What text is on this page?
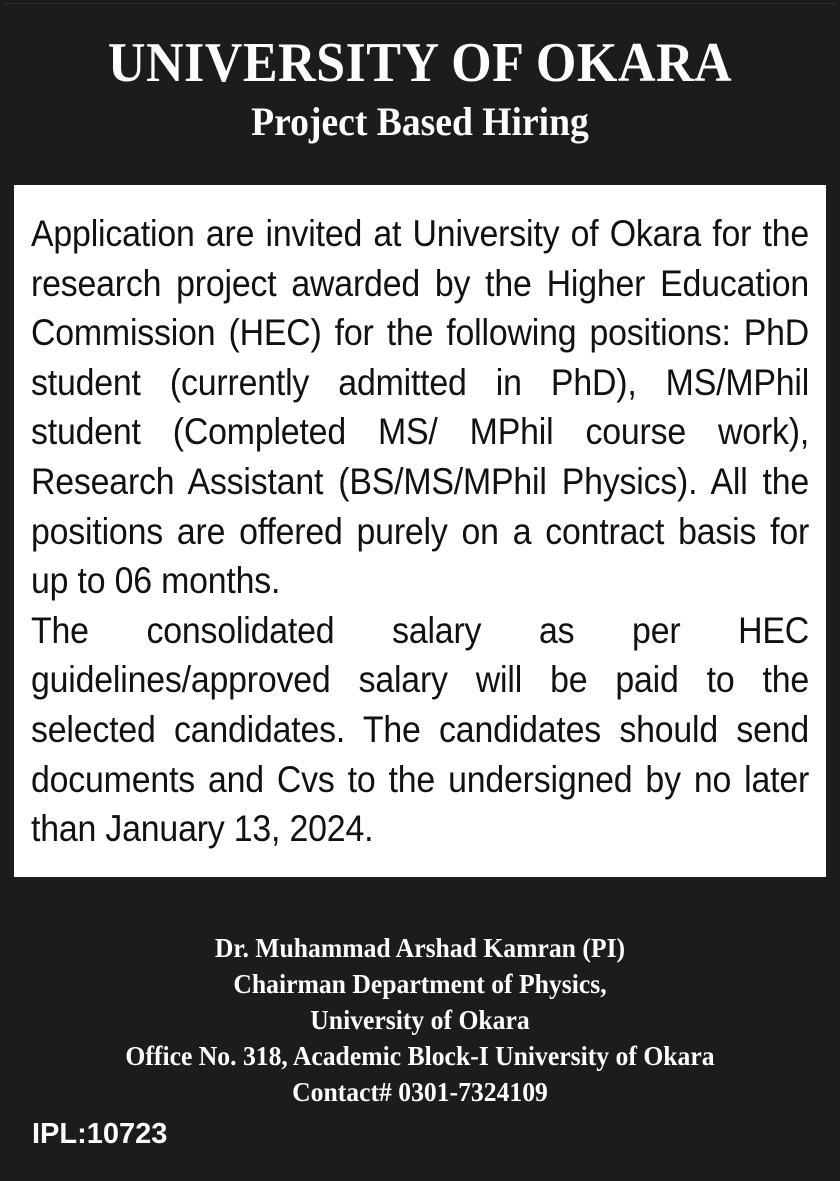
UNIVERSITY OF OKARA
Project Based Hiring

Application are invited at University of Okara for the research project awarded by the Higher Education Commission (HEC) for the following positions: PhD student (currently admitted in PhD), MS/MPhil student (Completed MS/ MPhil course work), Research Assistant (BS/MS/MPhil Physics). All the positions are offered purely on a contract basis for up to 06 months.

The consolidated salary as per HEC guidelines/approved salary will be paid to the selected candidates. The candidates should send documents and Cvs to the undersigned by no later than January 13, 2024.

Dr. Muhammad Arshad Kamran (PI)
Chairman Department of Physics,
University of Okara
Office No. 318, Academic Block-I University of Okara
Contact# 0301-7324109
IPL:10723
